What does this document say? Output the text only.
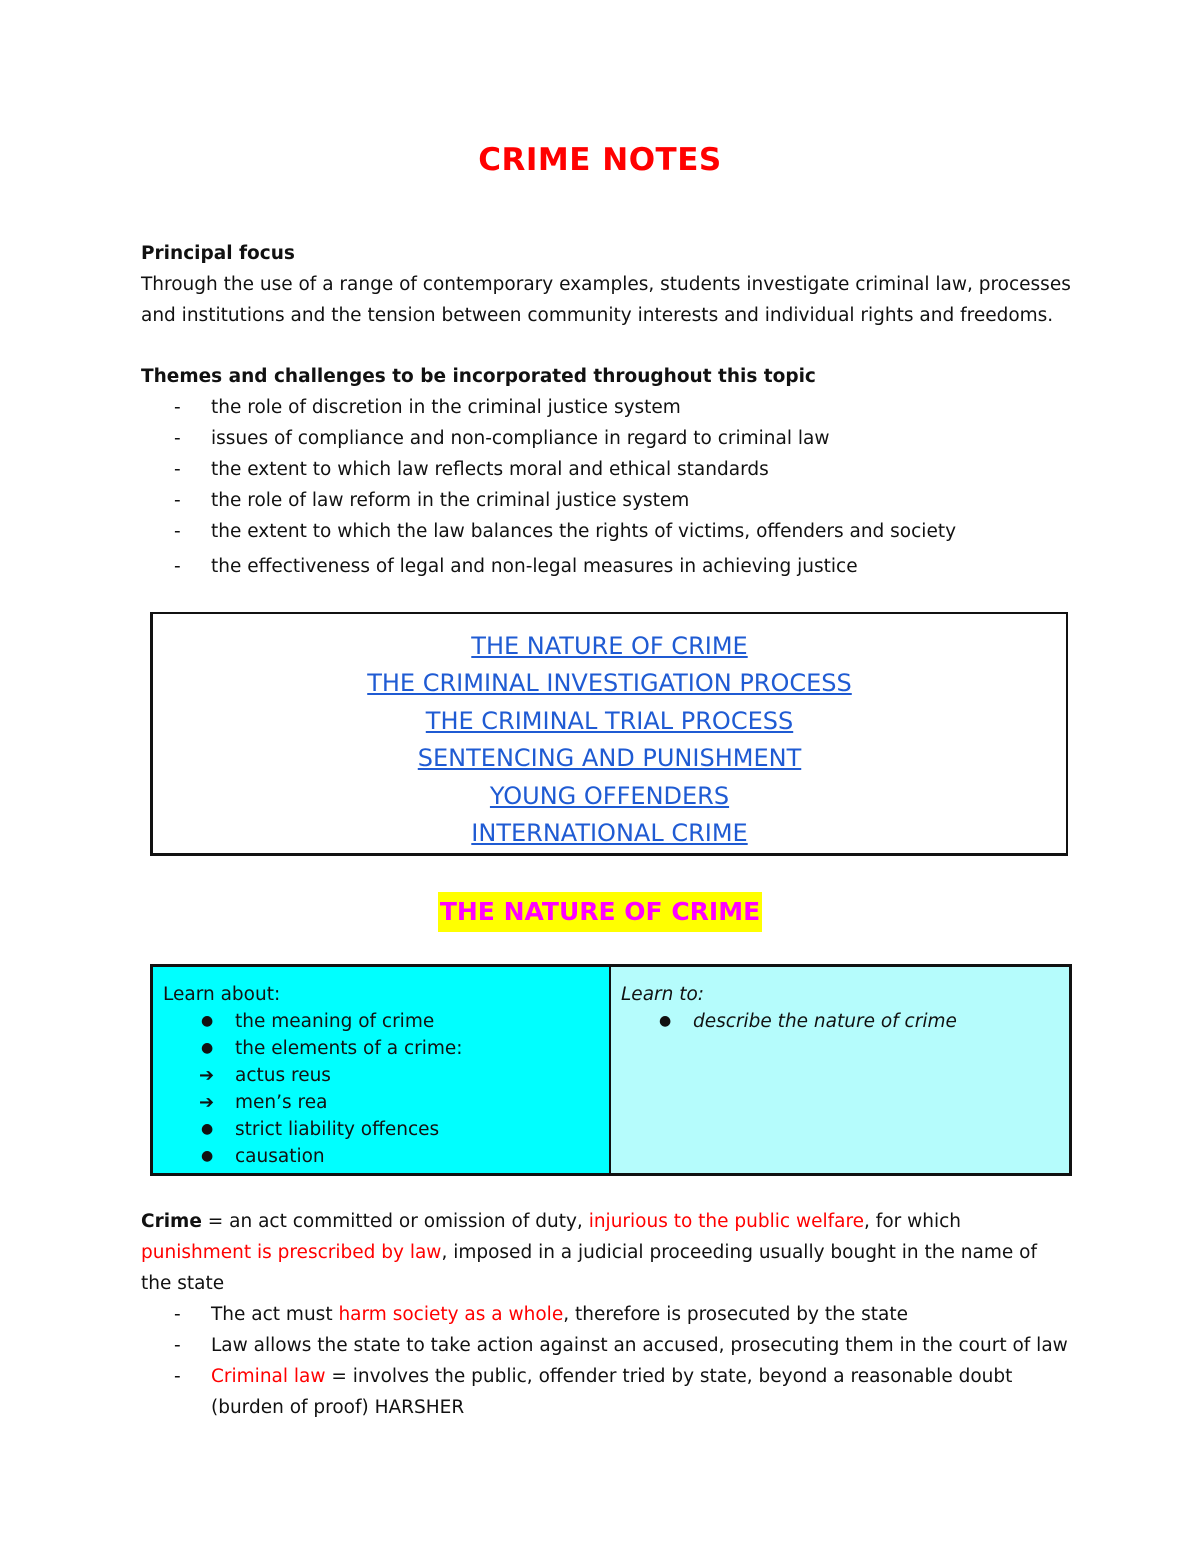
CRIME NOTES

Principal focus

Through the use of a range of contemporary examples, students investigate criminal law, processes and institutions and the tension between community interests and individual rights and freedoms.

Themes and challenges to be incorporated throughout this topic

- the role of discretion in the criminal justice system
- issues of compliance and non-compliance in regard to criminal law
- the extent to which law reflects moral and ethical standards
- the role of law reform in the criminal justice system
- the extent to which the law balances the rights of victims, offenders and society
- the effectiveness of legal and non-legal measures in achieving justice
THE NATURE OF CRIME
THE CRIMINAL INVESTIGATION PROCESS
THE CRIMINAL TRIAL PROCESS
SENTENCING AND PUNISHMENT
YOUNG OFFENDERS
INTERNATIONAL CRIME
THE NATURE OF CRIME
Learn about:
● the meaning of crime
● the elements of a crime:
➔ actus reus
➔ men’s rea
● strict liability offences
● causation
Learn to:
● describe the nature of crime

Crime = an act committed or omission of duty, injurious to the public welfare, for which punishment is prescribed by law, imposed in a judicial proceeding usually bought in the name of the state

- The act must harm society as a whole, therefore is prosecuted by the state
- Law allows the state to take action against an accused, prosecuting them in the court of law
- Criminal law = involves the public, offender tried by state, beyond a reasonable doubt (burden of proof) HARSHER
